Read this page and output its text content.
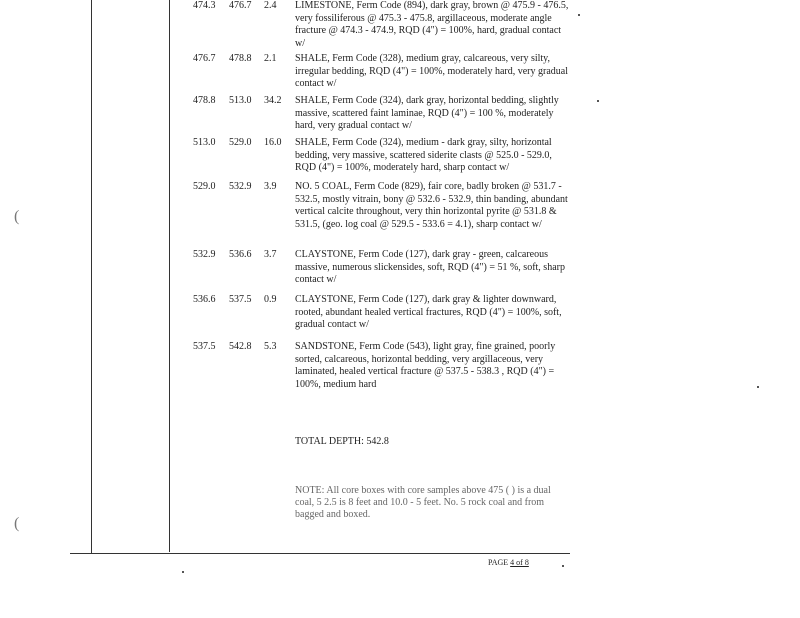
474.3 476.7 2.4 LIMESTONE, Ferm Code (894), dark gray, brown @ 475.9 - 476.5, very fossiliferous @ 475.3 - 475.8, argillaceous, moderate angle fracture @ 474.3 - 474.9, RQD (4") = 100%, hard, gradual contact w/
476.7 478.8 2.1 SHALE, Ferm Code (328), medium gray, calcareous, very silty, irregular bedding, RQD (4") = 100%, moderately hard, very gradual contact w/
478.8 513.0 34.2 SHALE, Ferm Code (324), dark gray, horizontal bedding, slightly massive, scattered faint laminae, RQD (4") = 100 %, moderately hard, very gradual contact w/
513.0 529.0 16.0 SHALE, Ferm Code (324), medium - dark gray, silty, horizontal bedding, very massive, scattered siderite clasts @ 525.0 - 529.0, RQD (4") = 100%, moderately hard, sharp contact w/
529.0 532.9 3.9 NO. 5 COAL, Ferm Code (829), fair core, badly broken @ 531.7 - 532.5, mostly vitrain, bony @ 532.6 - 532.9, thin banding, abundant vertical calcite throughout, very thin horizontal pyrite @ 531.8 & 531.5, (geo. log coal @ 529.5 - 533.6 = 4.1), sharp contact w/
532.9 536.6 3.7 CLAYSTONE, Ferm Code (127), dark gray - green, calcareous massive, numerous slickensides, soft, RQD (4") = 51 %, soft, sharp contact w/
536.6 537.5 0.9 CLAYSTONE, Ferm Code (127), dark gray & lighter downward, rooted, abundant healed vertical fractures, RQD (4") = 100%, soft, gradual contact w/
537.5 542.8 5.3 SANDSTONE, Ferm Code (543), light gray, fine grained, poorly sorted, calcareous, horizontal bedding, very argillaceous, very laminated, healed vertical fracture @ 537.5 - 538.3 , RQD (4") = 100%, medium hard
TOTAL DEPTH: 542.8
NOTE: All core boxes with core samples above 475 ( ) is a dual coal, 5 2.5 is 8 feet and 10.0 - 5 feet. No. 5 rock coal and from bagged and boxed.
PAGE 4 of 8
(
(
